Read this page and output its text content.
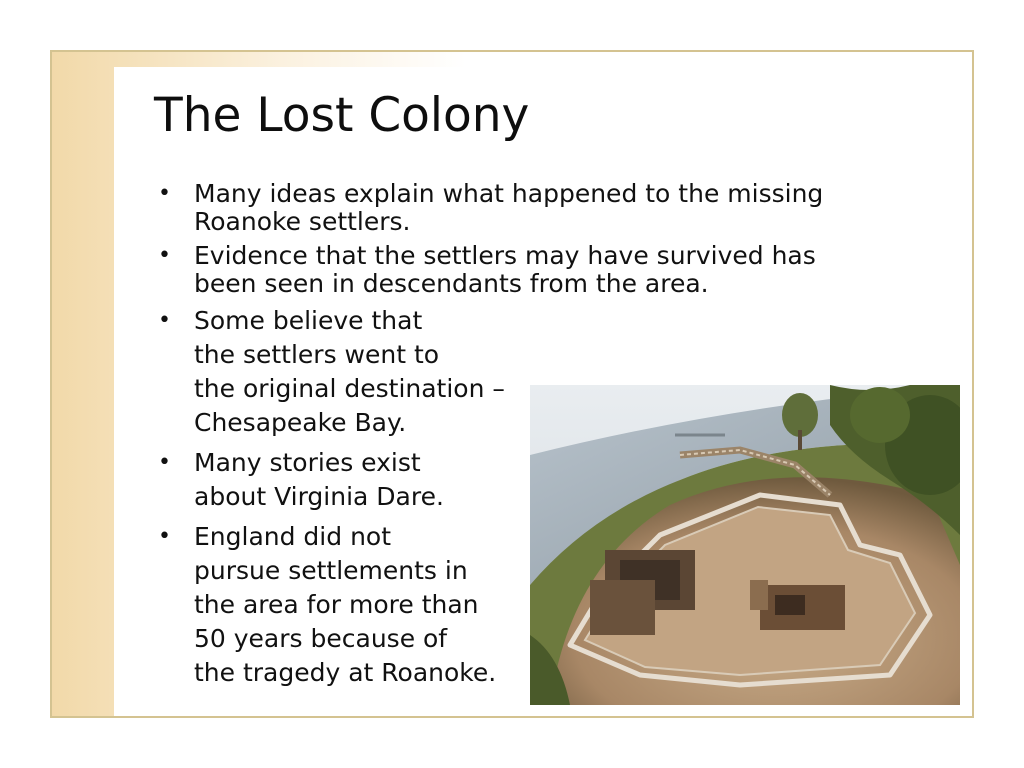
The Lost Colony
• Many ideas explain what happened to the missing
Roanoke settlers.
• Evidence that the settlers may have survived has
been seen in descendants from the area.
• Some believe that
the settlers went to
the original destination –
Chesapeake Bay.
• Many stories exist
about Virginia Dare.
• England did not
pursue settlements in
the area for more than
50 years because of
the tragedy at Roanoke.
